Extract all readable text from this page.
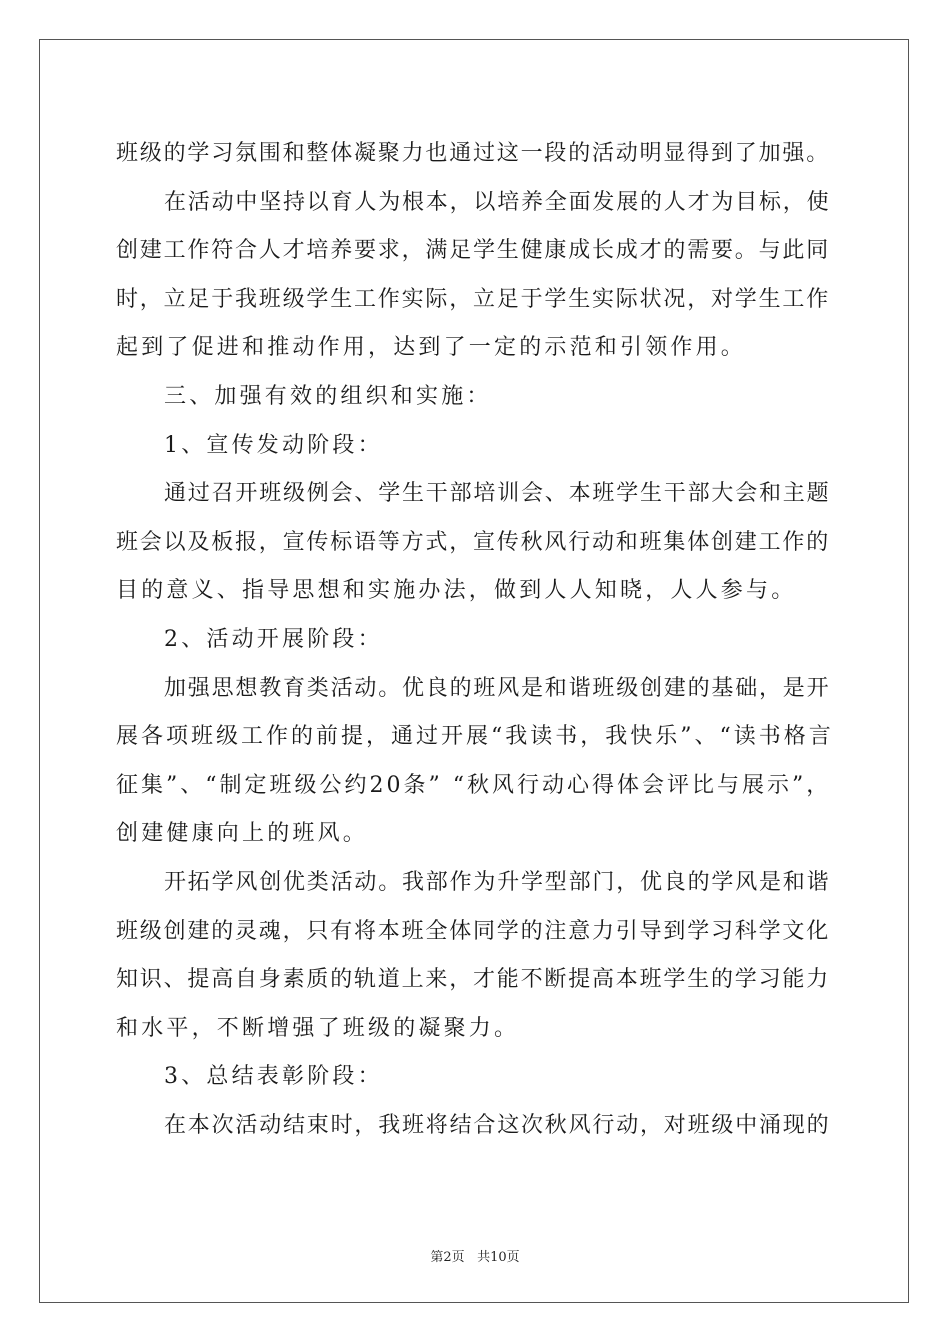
班级的学习氛围和整体凝聚力也通过这一段的活动明显得到了加强。
在活动中坚持以育人为根本，以培养全面发展的人才为目标，使
创建工作符合人才培养要求，满足学生健康成长成才的需要。与此同
时，立足于我班级学生工作实际，立足于学生实际状况，对学生工作
起到了促进和推动作用，达到了一定的示范和引领作用。
三、加强有效的组织和实施：
1、宣传发动阶段：
通过召开班级例会、学生干部培训会、本班学生干部大会和主题
班会以及板报，宣传标语等方式，宣传秋风行动和班集体创建工作的
目的意义、指导思想和实施办法，做到人人知晓，人人参与。
2、活动开展阶段：
加强思想教育类活动。优良的班风是和谐班级创建的基础，是开
展各项班级工作的前提，通过开展“我读书，我快乐”、“读书格言
征集”、“制定班级公约20条” “秋风行动心得体会评比与展示”，
创建健康向上的班风。
开拓学风创优类活动。我部作为升学型部门，优良的学风是和谐
班级创建的灵魂，只有将本班全体同学的注意力引导到学习科学文化
知识、提高自身素质的轨道上来，才能不断提高本班学生的学习能力
和水平，不断增强了班级的凝聚力。
3、总结表彰阶段：
在本次活动结束时，我班将结合这次秋风行动，对班级中涌现的
第2页 共10页
